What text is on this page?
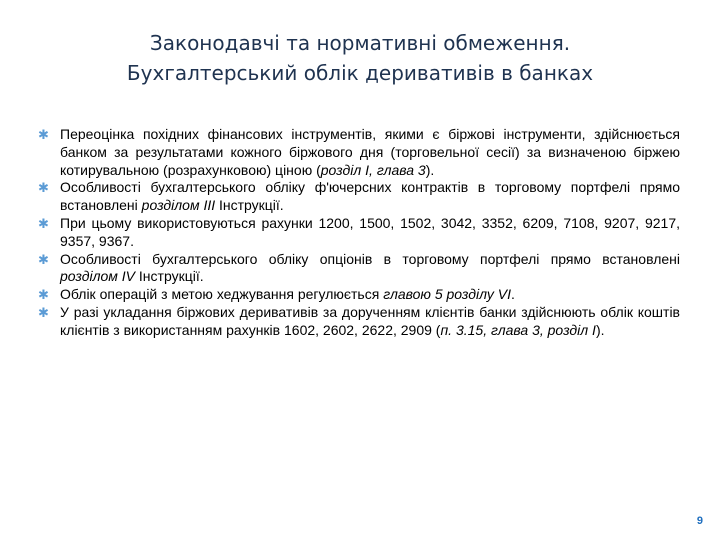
Законодавчі та нормативні обмеження.
Бухгалтерський облік деривативів в банках
✱ Переоцінка похідних фінансових інструментів, якими є біржові інструменти, здійснюється банком за результатами кожного біржового дня (торговельної сесії) за визначеною біржею котирувальною (розрахунковою) ціною (розділ І, глава 3).
✱ Особливості бухгалтерського обліку ф'ючерсних контрактів в торговому портфелі прямо встановлені розділом ІІІ Інструкції.
✱ При цьому використовуються рахунки 1200, 1500, 1502, 3042, 3352, 6209, 7108, 9207, 9217, 9357, 9367.
✱ Особливості бухгалтерського обліку опціонів в торговому портфелі прямо встановлені розділом IV Інструкції.
✱ Облік операцій з метою хеджування регулюється главою 5 розділу VІ.
✱ У разі укладання біржових деривативів за дорученням клієнтів банки здійснюють облік коштів клієнтів з використанням рахунків 1602, 2602, 2622, 2909 (п. 3.15, глава 3, розділ І).
9
